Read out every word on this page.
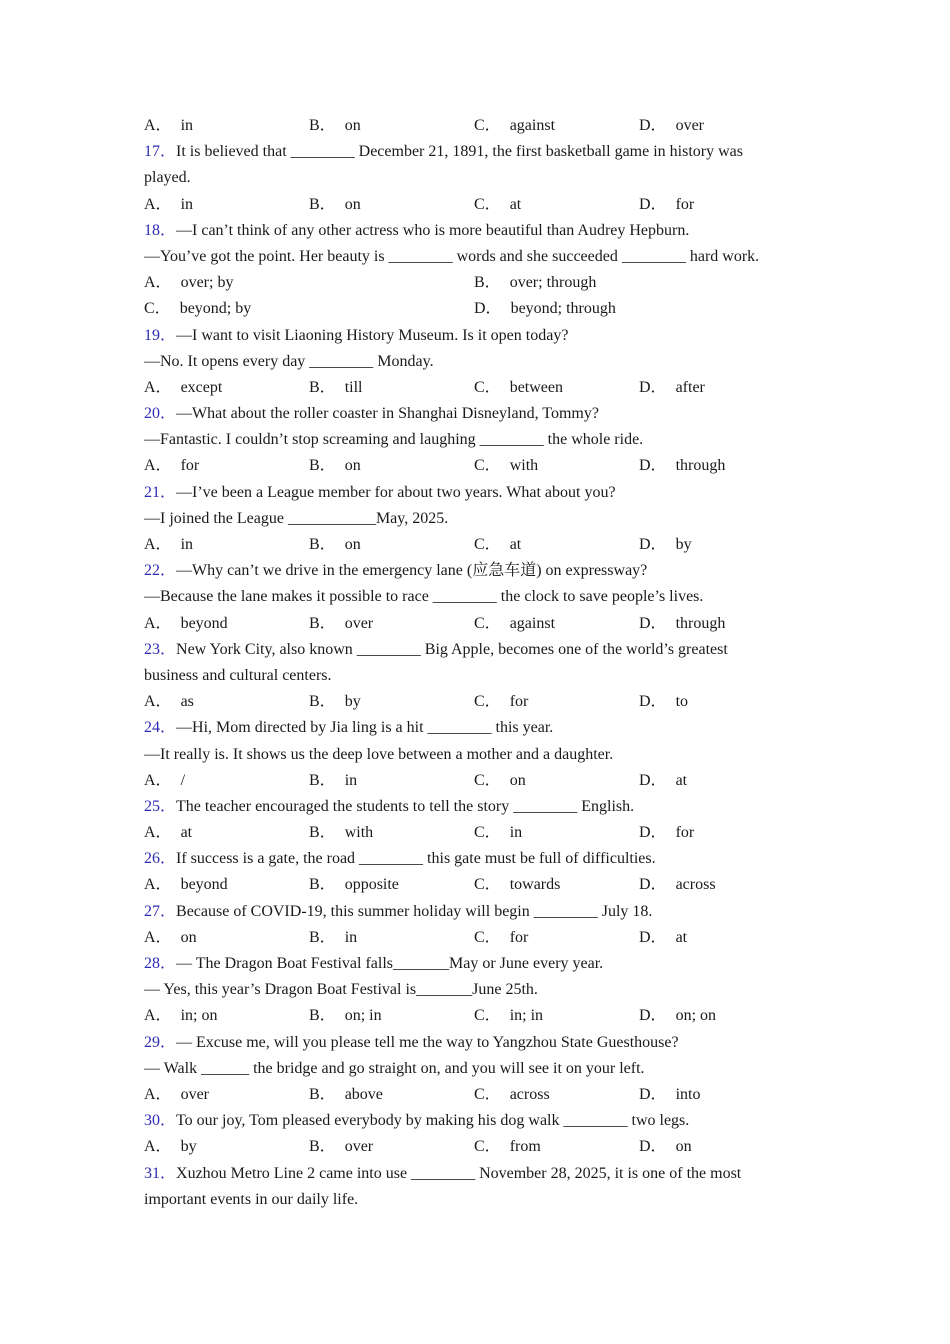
A． in	B． on	C． against	D． over
17．It is believed that ________ December 21, 1891, the first basketball game in history was
played.
A． in	B． on	C． at	D． for
18．—I can’t think of any other actress who is more beautiful than Audrey Hepburn.
—You’ve got the point. Her beauty is ________ words and she succeeded ________ hard work.
A． over; by	B． over; through
C． beyond; by	D． beyond; through
19．—I want to visit Liaoning History Museum. Is it open today?
—No. It opens every day ________ Monday.
A． except	B． till	C． between	D． after
20．—What about the roller coaster in Shanghai Disneyland, Tommy?
—Fantastic. I couldn’t stop screaming and laughing ________ the whole ride.
A． for	B． on	C． with	D． through
21．—I’ve been a League member for about two years. What about you?
—I joined the League ___________May, 2025.
A． in	B． on	C． at	D． by
22．—Why can’t we drive in the emergency lane (应急车道) on expressway?
—Because the lane makes it possible to race ________ the clock to save people’s lives.
A． beyond	B． over	C． against	D． through
23．New York City, also known ________ Big Apple, becomes one of the world’s greatest
business and cultural centers.
A． as	B． by	C． for	D． to
24．—Hi, Mom directed by Jia ling is a hit ________ this year.
—It really is. It shows us the deep love between a mother and a daughter.
A． /	B． in	C． on	D． at
25．The teacher encouraged the students to tell the story ________ English.
A． at	B． with	C． in	D． for
26．If success is a gate, the road ________ this gate must be full of difficulties.
A． beyond	B． opposite	C． towards	D． across
27．Because of COVID-19, this summer holiday will begin ________ July 18.
A． on	B． in	C． for	D． at
28．— The Dragon Boat Festival falls_______May or June every year.
— Yes, this year’s Dragon Boat Festival is_______June 25th.
A． in; on	B． on; in	C． in; in	D． on; on
29．— Excuse me, will you please tell me the way to Yangzhou State Guesthouse?
— Walk ______ the bridge and go straight on, and you will see it on your left.
A． over	B． above	C． across	D． into
30．To our joy, Tom pleased everybody by making his dog walk ________ two legs.
A． by	B． over	C． from	D． on
31．Xuzhou Metro Line 2 came into use ________ November 28, 2025, it is one of the most
important events in our daily life.
